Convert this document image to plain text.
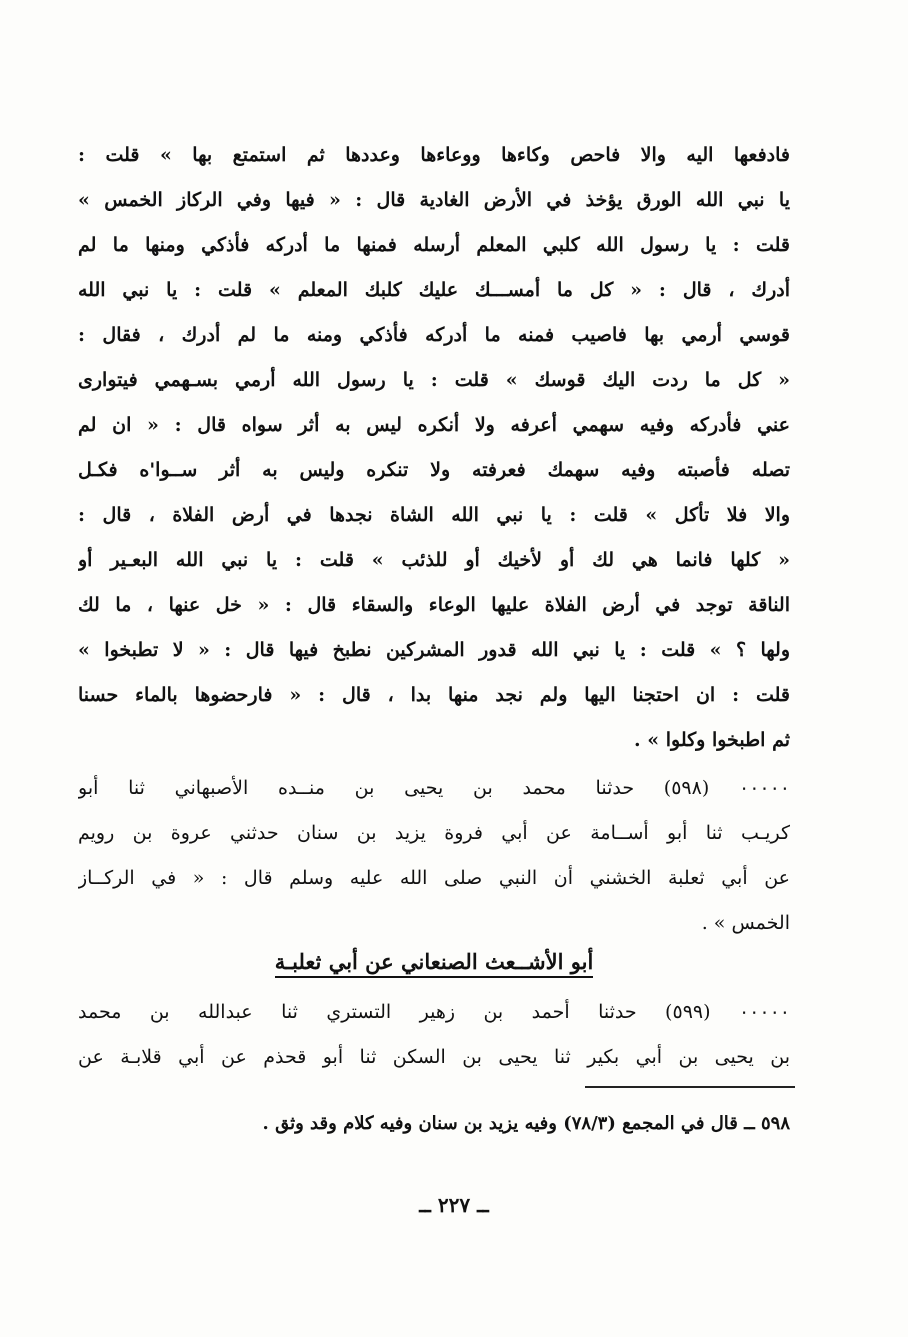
فادفعها اليه والا فاحص وكاءها ووعاءها وعددها ثم استمتع بها » قلت :
يا نبي الله الورق يؤخذ في الأرض الغادية قال : « فيها وفي الركاز الخمس »
قلت : يا رسول الله كلبي المعلم أرسله فمنها ما أدركه فأذكي ومنها ما لم
أدرك ، قال : « كل ما أمســـك عليك كلبك المعلم » قلت : يا نبي الله
قوسي أرمي بها فاصيب فمنه ما أدركه فأذكي ومنه ما لم أدرك ، فقال :
« كل ما ردت اليك قوسك » قلت : يا رسول الله أرمي بسـهمي فيتوارى
عني فأدركه وفيه سهمي أعرفه ولا أنكره ليس به أثر سواه قال : « ان لم
تصله فأصبته وفيه سهمك فعرفته ولا تنكره وليس به أثر ســوا'ه فكـل
والا فلا تأكل » قلت : يا نبي الله الشاة نجدها في أرض الفلاة ، قال :
« كلها فانما هي لك أو لأخيك أو للذئب » قلت : يا نبي الله البعـير أو
الناقة توجد في أرض الفلاة عليها الوعاء والسقاء قال : « خل عنها ، ما لك
ولها ؟ » قلت : يا نبي الله قدور المشركين نطبخ فيها قال : « لا تطبخوا »
قلت : ان احتجنا اليها ولم نجد منها بدا ، قال : « فارحضوها بالماء حسنا
ثم اطبخوا وكلوا » .
٠٠٠٠٠ (٥٩٨) حدثنا محمد بن يحيى بن منــده الأصبهاني ثنا أبو
كريـب ثنا أبو أســامة عن أبي فروة يزيد بن سنان حدثني عروة بن رويم
عن أبي ثعلبة الخشني أن النبي صلى الله عليه وسلم قال : « في الركــاز
الخمس » .
أبو الأشــعث الصنعاني عن أبي ثعلبـة
٠٠٠٠٠ (٥٩٩) حدثنا أحمد بن زهير التستري ثنا عبدالله بن محمد
بن يحيى بن أبي بكير ثنا يحيى بن السكن ثنا أبو قحذم عن أبي قلابـة عن
٥٩٨ ــ قال في المجمع (٧٨/٣) وفيه يزيد بن سنان وفيه كلام وقد وثق .
ــ ٢٢٧ ــ
